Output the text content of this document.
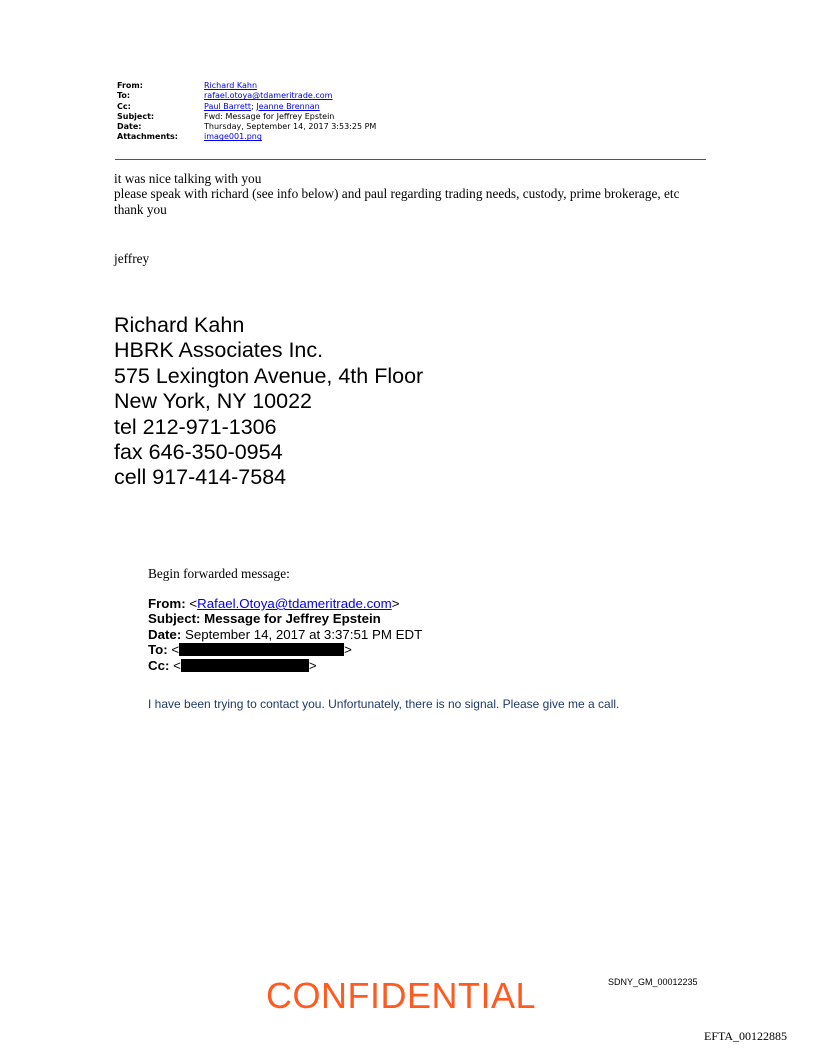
From:	Richard Kahn
To:	rafael.otoya@tdameritrade.com
Cc:	Paul Barrett; Jeanne Brennan
Subject:	Fwd: Message for Jeffrey Epstein
Date:	Thursday, September 14, 2017 3:53:25 PM
Attachments:	image001.png

it was nice talking with you

please speak with richard (see info below) and paul regarding trading needs, custody, prime brokerage, etc

thank you

jeffrey
Richard Kahn
HBRK Associates Inc.
575 Lexington Avenue, 4th Floor
New York, NY 10022
tel 212-971-1306
fax 646-350-0954
cell 917-414-7584
Begin forwarded message:
From: <Rafael.Otoya@tdameritrade.com>
Subject: Message for Jeffrey Epstein
Date: September 14, 2017 at 3:37:51 PM EDT
To: <	>
Cc: <	>
I have been trying to contact you. Unfortunately, there is no signal. Please give me a call.
CONFIDENTIAL	SDNY_GM_00012235
EFTA_00122885
